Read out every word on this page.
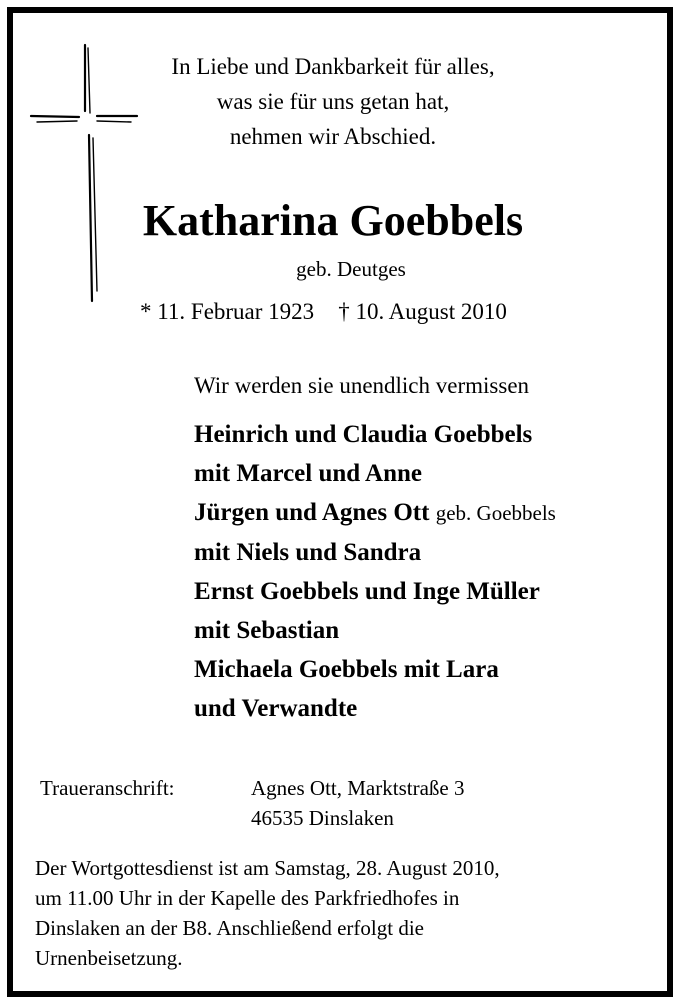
In Liebe und Dankbarkeit für alles,
was sie für uns getan hat,
nehmen wir Abschied.
Katharina Goebbels
geb. Deutges
* 11. Februar 1923 † 10. August 2010
Wir werden sie unendlich vermissen
Heinrich und Claudia Goebbels
mit Marcel und Anne
Jürgen und Agnes Ott geb. Goebbels
mit Niels und Sandra
Ernst Goebbels und Inge Müller
mit Sebastian
Michaela Goebbels mit Lara
und Verwandte
Traueranschrift:	Agnes Ott, Marktstraße 3
46535 Dinslaken
Der Wortgottesdienst ist am Samstag, 28. August 2010,
um 11.00 Uhr in der Kapelle des Parkfriedhofes in
Dinslaken an der B8. Anschließend erfolgt die
Urnenbeisetzung.
